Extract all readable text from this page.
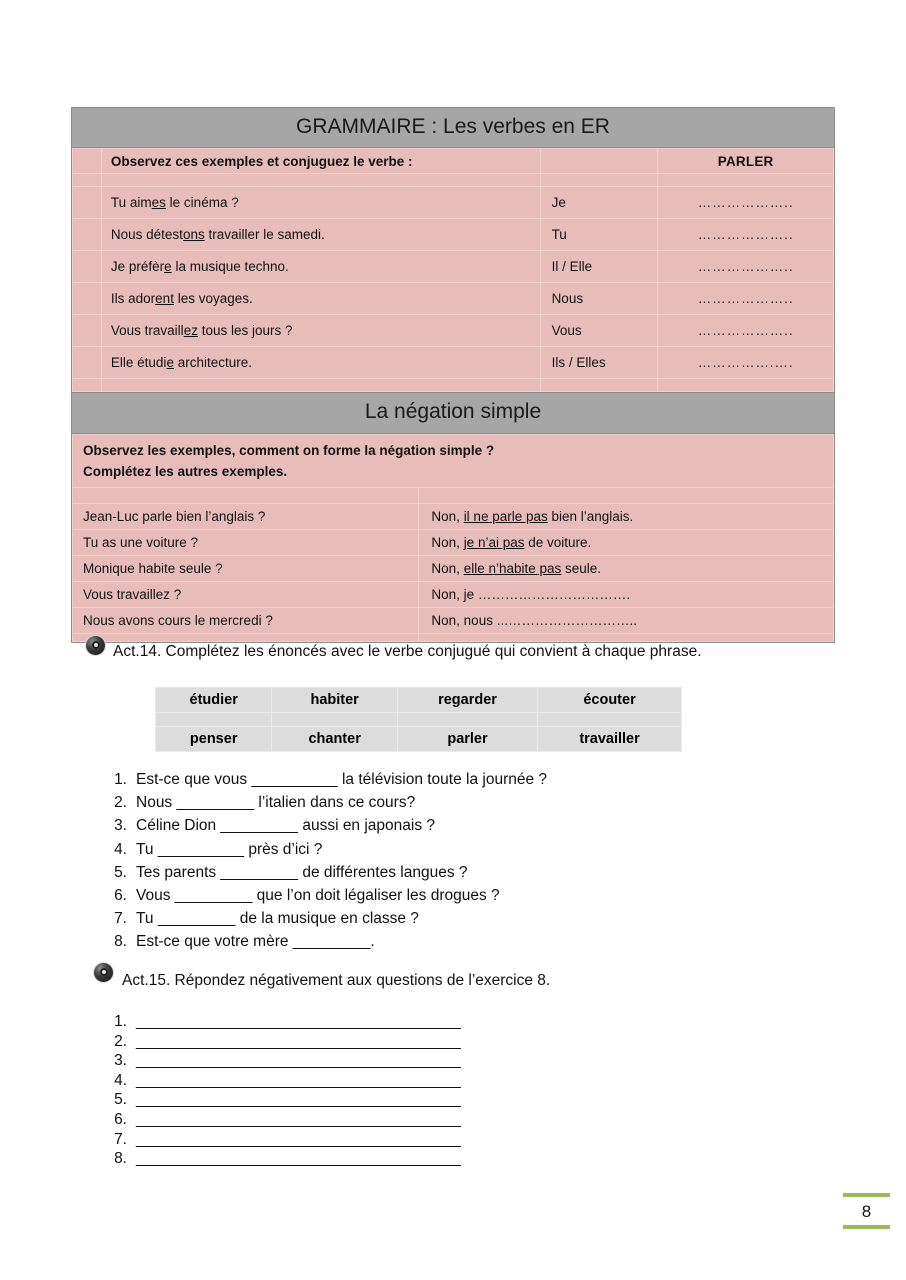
GRAMMAIRE : Les verbes en ER
	Observez ces exemples et conjuguez le verbe :		PARLER

	Tu aimes le cinéma ?	Je	………………..
	Nous détestons travailler le samedi.	Tu	………………..
	Je préfère la musique techno.	Il / Elle	………………..
	Ils adorent les voyages.	Nous	………………..
	Vous travaillez tous les jours ?	Vous	………………..
	Elle étudie architecture.	Ils / Elles	…………….….

La négation simple
Observez les exemples, comment on forme la négation simple ?
Complétez les autres exemples.	

Jean-Luc parle bien l’anglais ?	Non, il ne parle pas bien l’anglais.
Tu as une voiture ?	Non, je n’ai pas de voiture.
Monique habite seule ?	Non, elle n’habite pas seule.
Vous travaillez ?	Non, je …………………………….
Nous avons cours le mercredi ?	Non, nous ...………………………..

Act.14. Complétez les énoncés avec le verbe conjugué qui convient à chaque phrase.
étudier	habiter	regarder	écouter

penser	chanter	parler	travailler
1. Est-ce que vous __________ la télévision toute la journée ?
2. Nous _________ l’italien dans ce cours?
3. Céline Dion _________ aussi en japonais ?
4. Tu __________ près d’ici ?
5. Tes parents _________ de différentes langues ?
6. Vous _________ que l’on doit légaliser les drogues ?
7. Tu _________ de la musique en classe ?
8. Est-ce que votre mère _________.
Act.15. Répondez négativement aux questions de l’exercice 8.
1. _______________________________________
2. _______________________________________
3. _______________________________________
4. _______________________________________
5. _______________________________________
6. _______________________________________
7. _______________________________________
8. _______________________________________
8
